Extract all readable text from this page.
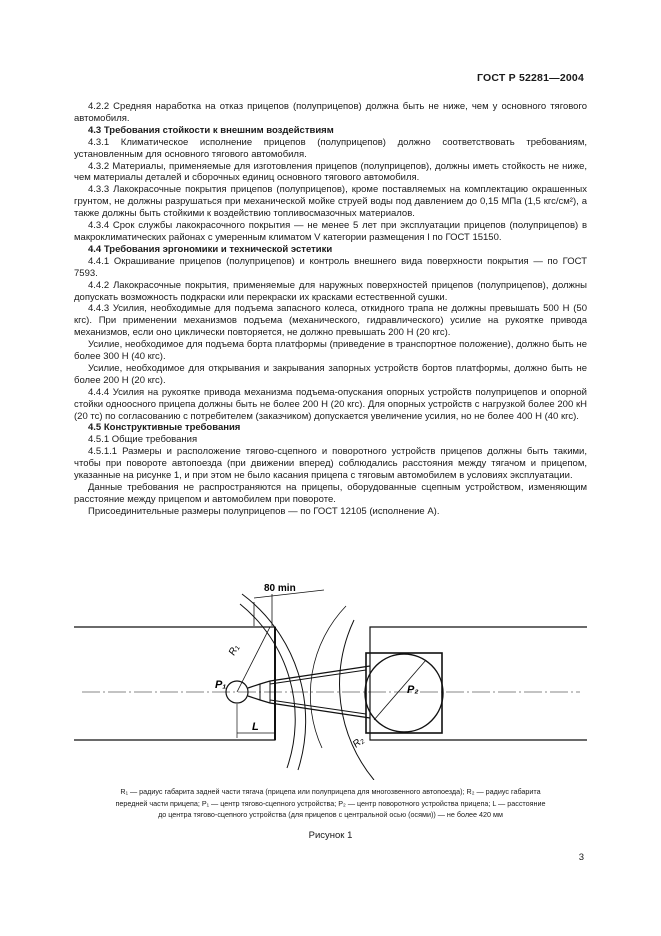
ГОСТ Р 52281—2004

4.2.2 Средняя наработка на отказ прицепов (полуприцепов) должна быть не ниже, чем у основного тягового автомобиля.

4.3 Требования стойкости к внешним воздействиям

4.3.1 Климатическое исполнение прицепов (полуприцепов) должно соответствовать требованиям, установленным для основного тягового автомобиля.

4.3.2 Материалы, применяемые для изготовления прицепов (полуприцепов), должны иметь стойкость не ниже, чем материалы деталей и сборочных единиц основного тягового автомобиля.

4.3.3 Лакокрасочные покрытия прицепов (полуприцепов), кроме поставляемых на комплектацию окрашенных грунтом, не должны разрушаться при механической мойке струей воды под давлением до 0,15 МПа (1,5 кгс/см²), а также должны быть стойкими к воздействию топливосмазочных материалов.

4.3.4 Срок службы лакокрасочного покрытия — не менее 5 лет при эксплуатации прицепов (полуприцепов) в макроклиматических районах с умеренным климатом V категории размещения I по ГОСТ 15150.

4.4 Требования эргономики и технической эстетики

4.4.1 Окрашивание прицепов (полуприцепов) и контроль внешнего вида поверхности покрытия — по ГОСТ 7593.

4.4.2 Лакокрасочные покрытия, применяемые для наружных поверхностей прицепов (полуприцепов), должны допускать возможность подкраски или перекраски их красками естественной сушки.

4.4.3 Усилия, необходимые для подъема запасного колеса, откидного трапа не должны превышать 500 Н (50 кгс). При применении механизмов подъема (механического, гидравлического) усилие на рукоятке привода механизмов, если оно циклически повторяется, не должно превышать 200 Н (20 кгс).

Усилие, необходимое для подъема борта платформы (приведение в транспортное положение), должно быть не более 300 Н (40 кгс).

Усилие, необходимое для открывания и закрывания запорных устройств бортов платформы, должно быть не более 200 Н (20 кгс).

4.4.4 Усилия на рукоятке привода механизма подъема-опускания опорных устройств полуприцепов и опорной стойки одноосного прицепа должны быть не более 200 Н (20 кгс). Для опорных устройств с нагрузкой более 200 кН (20 тс) по согласованию с потребителем (заказчиком) допускается увеличение усилия, но не более 400 Н (40 кгс).

4.5 Конструктивные требования

4.5.1 Общие требования

4.5.1.1 Размеры и расположение тягово-сцепного и поворотного устройств прицепов должны быть такими, чтобы при повороте автопоезда (при движении вперед) соблюдались расстояния между тягачом и прицепом, указанные на рисунке 1, и при этом не было касания прицепа с тяговым автомобилем в условиях эксплуатации.

Данные требования не распространяются на прицепы, оборудованные сцепным устройством, изменяющим расстояние между прицепом и автомобилем при повороте.

Присоединительные размеры полуприцепов — по ГОСТ 12105 (исполнение А).

80 min
R₁
P₁
L
P₂
R₂
R₁ — радиус габарита задней части тягача (прицепа или полуприцепа для многозвенного автопоезда); R₂ — радиус габарита
передней части прицепа; P₁ — центр тягово-сцепного устройства; P₂ — центр поворотного устройства прицепа; L — расстояние
до центра тягово-сцепного устройства (для прицепов с центральной осью (осями)) — не более 420 мм
Рисунок 1
3
